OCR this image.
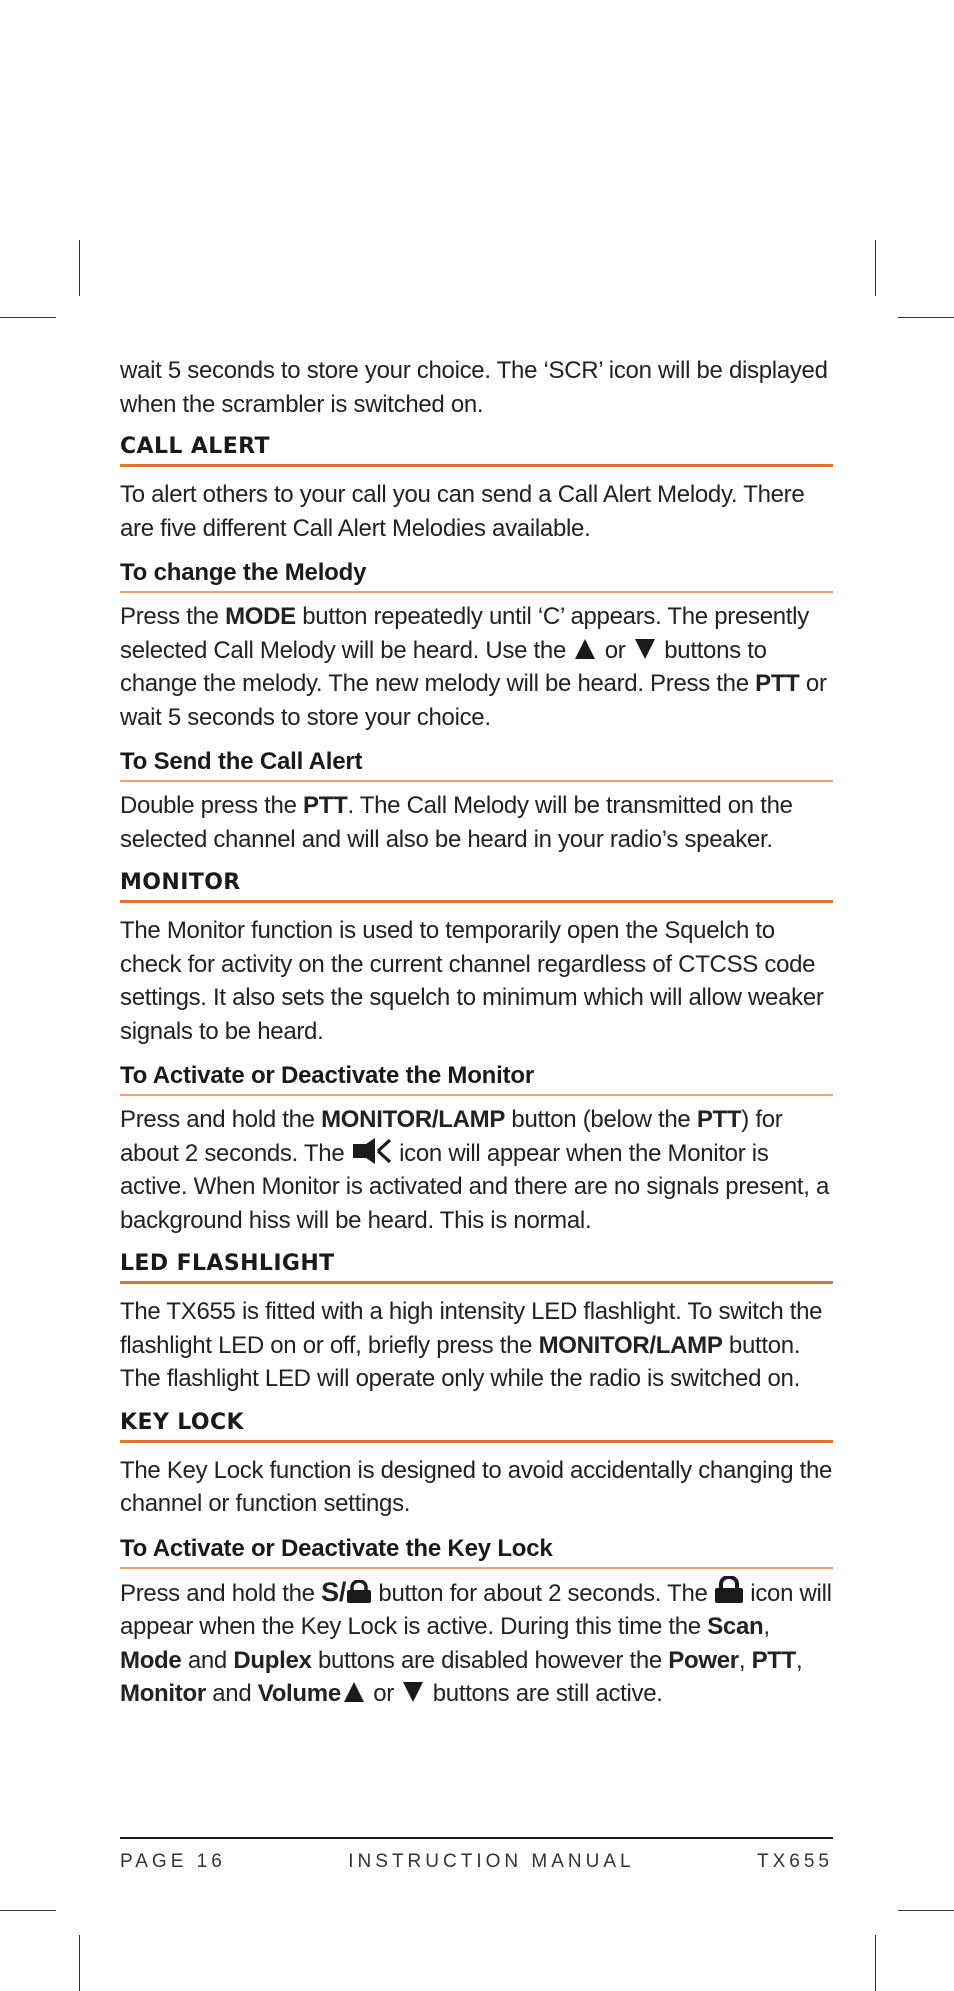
wait 5 seconds to store your choice. The ‘SCR’ icon will be displayed when the scrambler is switched on.

CALL ALERT

To alert others to your call you can send a Call Alert Melody. There are five different Call Alert Melodies available.

To change the Melody

Press the MODE button repeatedly until ‘C’ appears. The presently selected Call Melody will be heard. Use the  or  buttons to change the melody. The new melody will be heard. Press the PTT or wait 5 seconds to store your choice.

To Send the Call Alert

Double press the PTT. The Call Melody will be transmitted on the selected channel and will also be heard in your radio’s speaker.

MONITOR

The Monitor function is used to temporarily open the Squelch to check for activity on the current channel regardless of CTCSS code settings. It also sets the squelch to minimum which will allow weaker signals to be heard.

To Activate or Deactivate the Monitor

Press and hold the MONITOR/LAMP button (below the PTT) for about 2 seconds. The  icon will appear when the Monitor is active. When Monitor is activated and there are no signals present, a background hiss will be heard. This is normal.

LED FLASHLIGHT

The TX655 is fitted with a high intensity LED flashlight. To switch the flashlight LED on or off, briefly press the MONITOR/LAMP button. The flashlight LED will operate only while the radio is switched on.

KEY LOCK

The Key Lock function is designed to avoid accidentally changing the channel or function settings.

To Activate or Deactivate the Key Lock

Press and hold the S/ button for about 2 seconds. The  icon will appear when the Key Lock is active. During this time the Scan, Mode and Duplex buttons are disabled however the Power, PTT, Monitor and Volume or  buttons are still active.

PAGE 16	INSTRUCTION MANUAL	TX655
